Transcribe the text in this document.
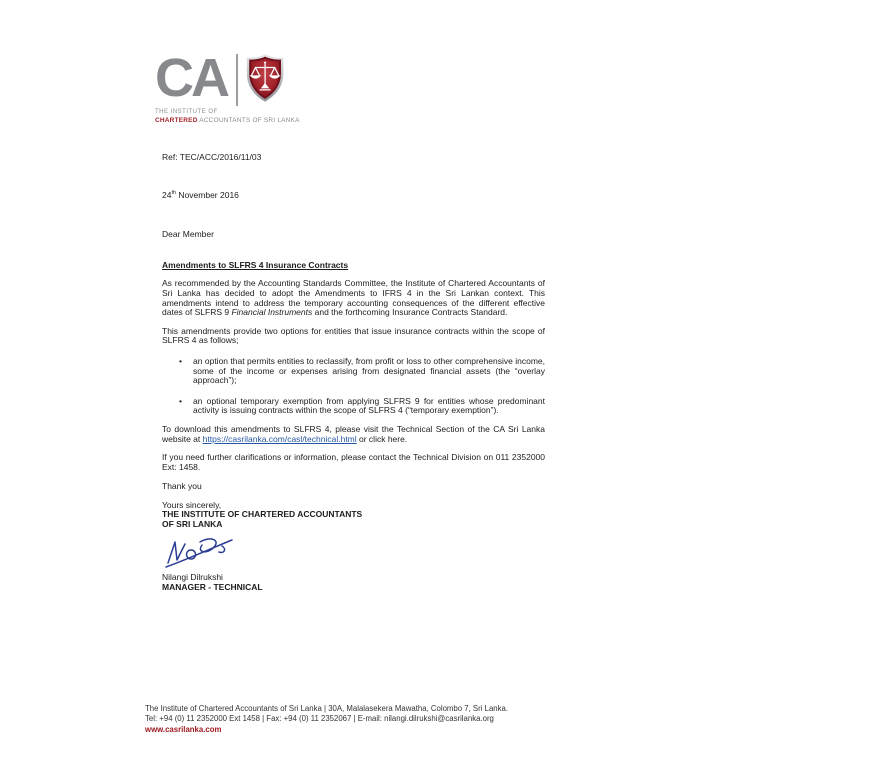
CA
THE INSTITUTE OF
CHARTERED ACCOUNTANTS OF SRI LANKA
Ref: TEC/ACC/2016/11/03
24th November 2016
Dear Member
Amendments to SLFRS 4 Insurance Contracts

As recommended by the Accounting Standards Committee, the Institute of Chartered Accountants of Sri Lanka has decided to adopt the Amendments to IFRS 4 in the Sri Lankan context. This amendments intend to address the temporary accounting consequences of the different effective dates of SLFRS 9 Financial Instruments and the forthcoming Insurance Contracts Standard.

This amendments provide two options for entities that issue insurance contracts within the scope of SLFRS 4 as follows;

• an option that permits entities to reclassify, from profit or loss to other comprehensive income, some of the income or expenses arising from designated financial assets (the “overlay approach”);
• an optional temporary exemption from applying SLFRS 9 for entities whose predominant activity is issuing contracts within the scope of SLFRS 4 (“temporary exemption”).

To download this amendments to SLFRS 4, please visit the Technical Section of the CA Sri Lanka website at https://casrilanka.com/casl/technical.html or click here.

If you need further clarifications or information, please contact the Technical Division on 011 2352000 Ext: 1458.

Thank you
Yours sincerely,
THE INSTITUTE OF CHARTERED ACCOUNTANTS
OF SRI LANKA
Nilangi Dilrukshi
MANAGER - TECHNICAL
The Institute of Chartered Accountants of Sri Lanka | 30A, Malalasekera Mawatha, Colombo 7, Sri Lanka.
Tel: +94 (0) 11 2352000 Ext 1458 | Fax: +94 (0) 11 2352067 | E-mail: nilangi.dilrukshi@casrilanka.org
www.casrilanka.com
